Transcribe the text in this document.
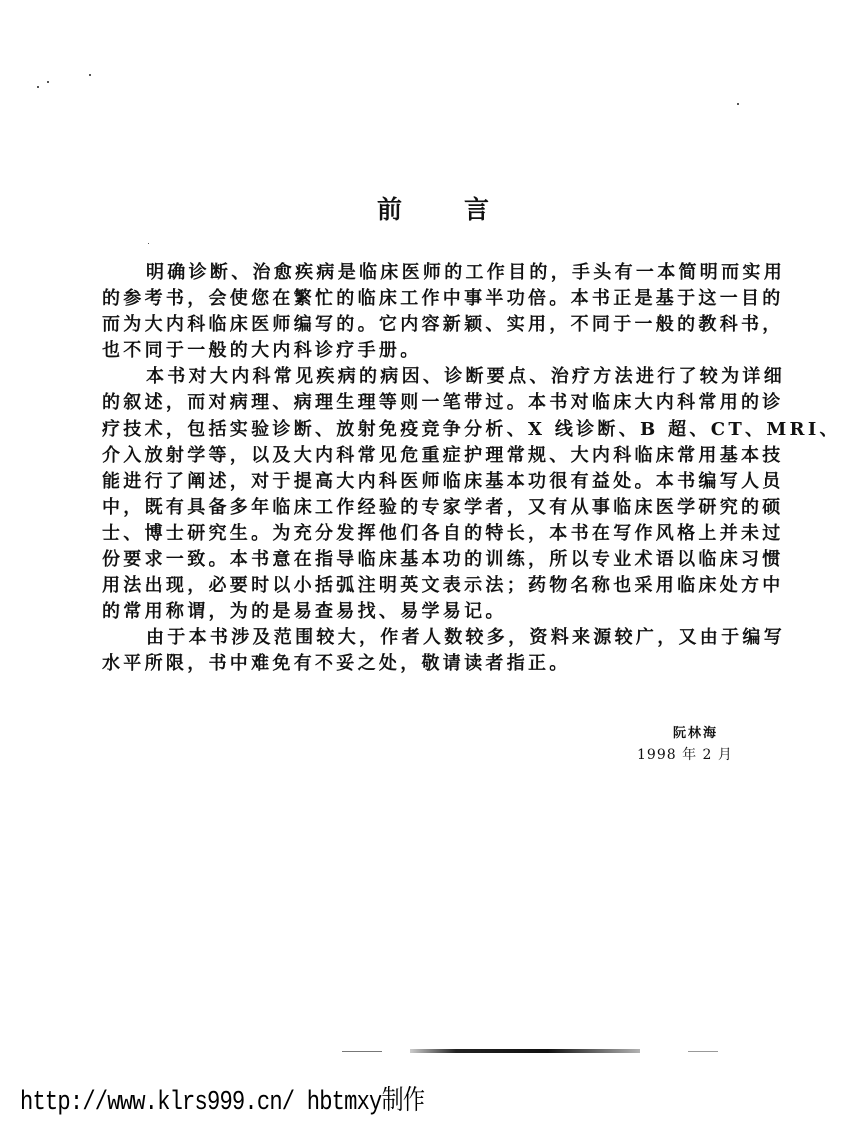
前 言
明确诊断、治愈疾病是临床医师的工作目的，手头有一本简明而实用
的参考书，会使您在繁忙的临床工作中事半功倍。本书正是基于这一目的
而为大内科临床医师编写的。它内容新颖、实用，不同于一般的教科书，
也不同于一般的大内科诊疗手册。
本书对大内科常见疾病的病因、诊断要点、治疗方法进行了较为详细
的叙述，而对病理、病理生理等则一笔带过。本书对临床大内科常用的诊
疗技术，包括实验诊断、放射免疫竞争分析、X 线诊断、B 超、CT、MRI、
介入放射学等，以及大内科常见危重症护理常规、大内科临床常用基本技
能进行了阐述，对于提高大内科医师临床基本功很有益处。本书编写人员
中，既有具备多年临床工作经验的专家学者，又有从事临床医学研究的硕
士、博士研究生。为充分发挥他们各自的特长，本书在写作风格上并未过
份要求一致。本书意在指导临床基本功的训练，所以专业术语以临床习惯
用法出现，必要时以小括弧注明英文表示法；药物名称也采用临床处方中
的常用称谓，为的是易查易找、易学易记。
由于本书涉及范围较大，作者人数较多，资料来源较广，又由于编写
水平所限，书中难免有不妥之处，敬请读者指正。
阮林海
1998 年 2 月
http://www.klrs999.cn/ hbtmxy制作
